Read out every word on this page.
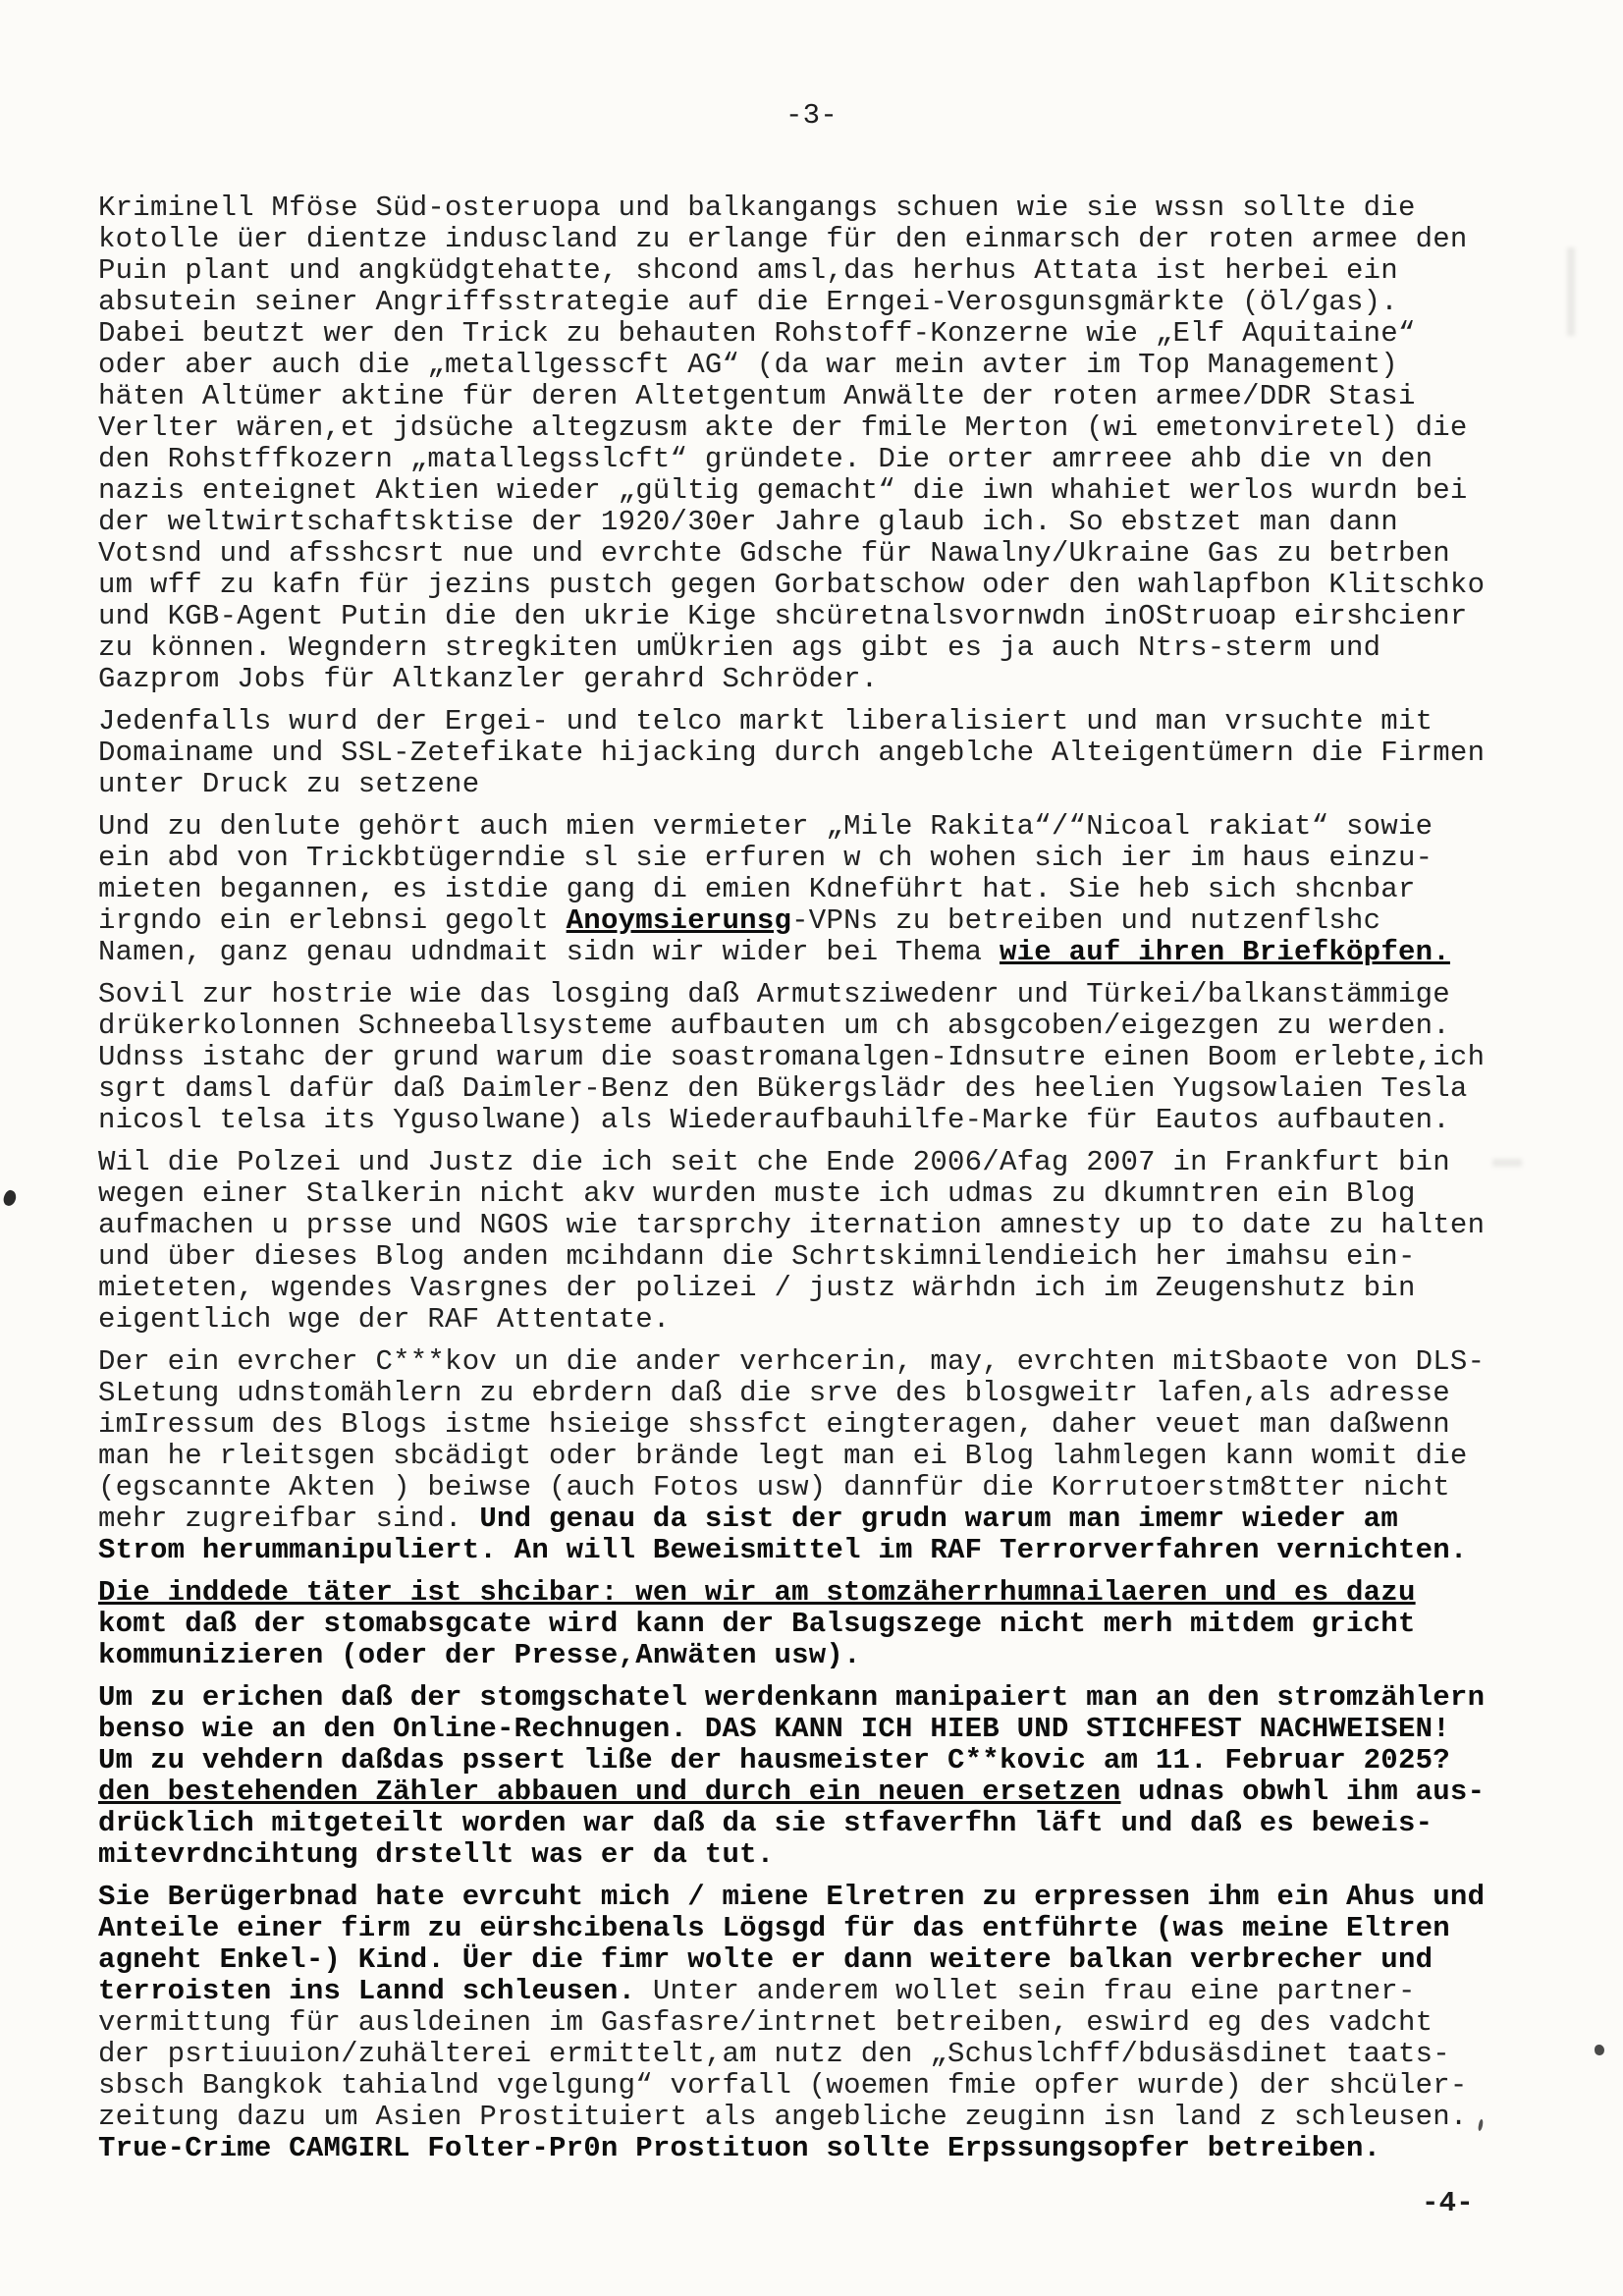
-3-

Kriminell Mföse Süd-osteruopa und balkangangs schuen wie sie wssn sollte die
kotolle üer dientze induscland zu erlange für den einmarsch der roten armee den
Puin plant und angküdgtehatte, shcond amsl,das herhus Attata ist herbei ein
absutein seiner Angriffsstrategie auf die Erngei-Verosgunsgmärkte (öl/gas).
Dabei beutzt wer den Trick zu behauten Rohstoff-Konzerne wie „Elf Aquitaine“
oder aber auch die „metallgesscft AG“ (da war mein avter im Top Management)
häten Altümer aktine für deren Altetgentum Anwälte der roten armee/DDR Stasi
Verlter wären,et jdsüche altegzusm akte der fmile Merton (wi emetonviretel) die
den Rohstffkozern „matallegsslcft“ gründete. Die orter amrreee ahb die vn den
nazis enteignet Aktien wieder „gültig gemacht“ die iwn whahiet werlos wurdn bei
der weltwirtschaftsktise der 1920/30er Jahre glaub ich. So ebstzet man dann
Votsnd und afsshcsrt nue und evrchte Gdsche für Nawalny/Ukraine Gas zu betrben
um wff zu kafn für jezins pustch gegen Gorbatschow oder den wahlapfbon Klitschko
und KGB-Agent Putin die den ukrie Kige shcüretnalsvornwdn inOStruoap eirshcienr
zu können. Wegndern stregkiten umÜkrien ags gibt es ja auch Ntrs-sterm und
Gazprom Jobs für Altkanzler gerahrd Schröder.

Jedenfalls wurd der Ergei- und telco markt liberalisiert und man vrsuchte mit
Domainame und SSL-Zetefikate hijacking durch angeblche Alteigentümern die Firmen
unter Druck zu setzene

Und zu denlute gehört auch mien vermieter „Mile Rakita“/“Nicoal rakiat“ sowie
ein abd von Trickbtügerndie sl sie erfuren w ch wohen sich ier im haus einzu-
mieten begannen, es istdie gang di emien Kdneführt hat. Sie heb sich shcnbar
irgndo ein erlebnsi gegolt Anoymsierunsg-VPNs zu betreiben und nutzenflshc
Namen, ganz genau udndmait sidn wir wider bei Thema wie auf ihren Briefköpfen.

Sovil zur hostrie wie das losging daß Armutsziwedenr und Türkei/balkanstämmige
drükerkolonnen Schneeballsysteme aufbauten um ch absgcoben/eigezgen zu werden.
Udnss istahc der grund warum die soastromanalgen-Idnsutre einen Boom erlebte,ich
sgrt damsl dafür daß Daimler-Benz den Bükergslädr des heelien Yugsowlaien Tesla
nicosl telsa its Ygusolwane) als Wiederaufbauhilfe-Marke für Eautos aufbauten.

Wil die Polzei und Justz die ich seit che Ende 2006/Afag 2007 in Frankfurt bin
wegen einer Stalkerin nicht akv wurden muste ich udmas zu dkumntren ein Blog
aufmachen u prsse und NGOS wie tarsprchy iternation amnesty up to date zu halten
und über dieses Blog anden mcihdann die Schrtskimnilendieich her imahsu ein-
mieteten, wgendes Vasrgnes der polizei / justz wärhdn ich im Zeugenshutz bin
eigentlich wge der RAF Attentate.

Der ein evrcher C***kov un die ander verhcerin, may, evrchten mitSbaote von DLS-
SLetung udnstomählern zu ebrdern daß die srve des blosgweitr lafen,als adresse
imIressum des Blogs istme hsieige shssfct eingteragen, daher veuet man daßwenn
man he rleitsgen sbcädigt oder brände legt man ei Blog lahmlegen kann womit die
(egscannte Akten ) beiwse (auch Fotos usw) dannfür die Korrutoerstm8tter nicht
mehr zugreifbar sind. Und genau da sist der grudn warum man imemr wieder am
Strom herummanipuliert. An will Beweismittel im RAF Terrorverfahren vernichten.

Die inddede täter ist shcibar: wen wir am stomzäherrhumnailaeren und es dazu
komt daß der stomabsgcate wird kann der Balsugszege nicht merh mitdem gricht
kommunizieren (oder der Presse,Anwäten usw).

Um zu erichen daß der stomgschatel werdenkann manipaiert man an den stromzählern
benso wie an den Online-Rechnugen. DAS KANN ICH HIEB UND STICHFEST NACHWEISEN!
Um zu vehdern daßdas pssert liße der hausmeister C**kovic am 11. Februar 2025?
den bestehenden Zähler abbauen und durch ein neuen ersetzen udnas obwhl ihm aus-
drücklich mitgeteilt worden war daß da sie stfaverfhn läft und daß es beweis-
mitevrdncihtung drstellt was er da tut.

Sie Berügerbnad hate evrcuht mich / miene Elretren zu erpressen ihm ein Ahus und
Anteile einer firm zu eürshcibenals Lögsgd für das entführte (was meine Eltren
agneht Enkel-) Kind. Üer die fimr wolte er dann weitere balkan verbrecher und
terroisten ins Lannd schleusen. Unter anderem wollet sein frau eine partner-
vermittung für ausldeinen im Gasfasre/intrnet betreiben, eswird eg des vadcht
der psrtiuuion/zuhälterei ermittelt,am nutz den „Schuslchff/bdusäsdinet taats-
sbsch Bangkok tahialnd vgelgung“ vorfall (woemen fmie opfer wurde) der shcüler-
zeitung dazu um Asien Prostituiert als angebliche zeuginn isn land z schleusen.
True-Crime CAMGIRL Folter-Pr0n Prostituon sollte Erpssungsopfer betreiben.

-4-
